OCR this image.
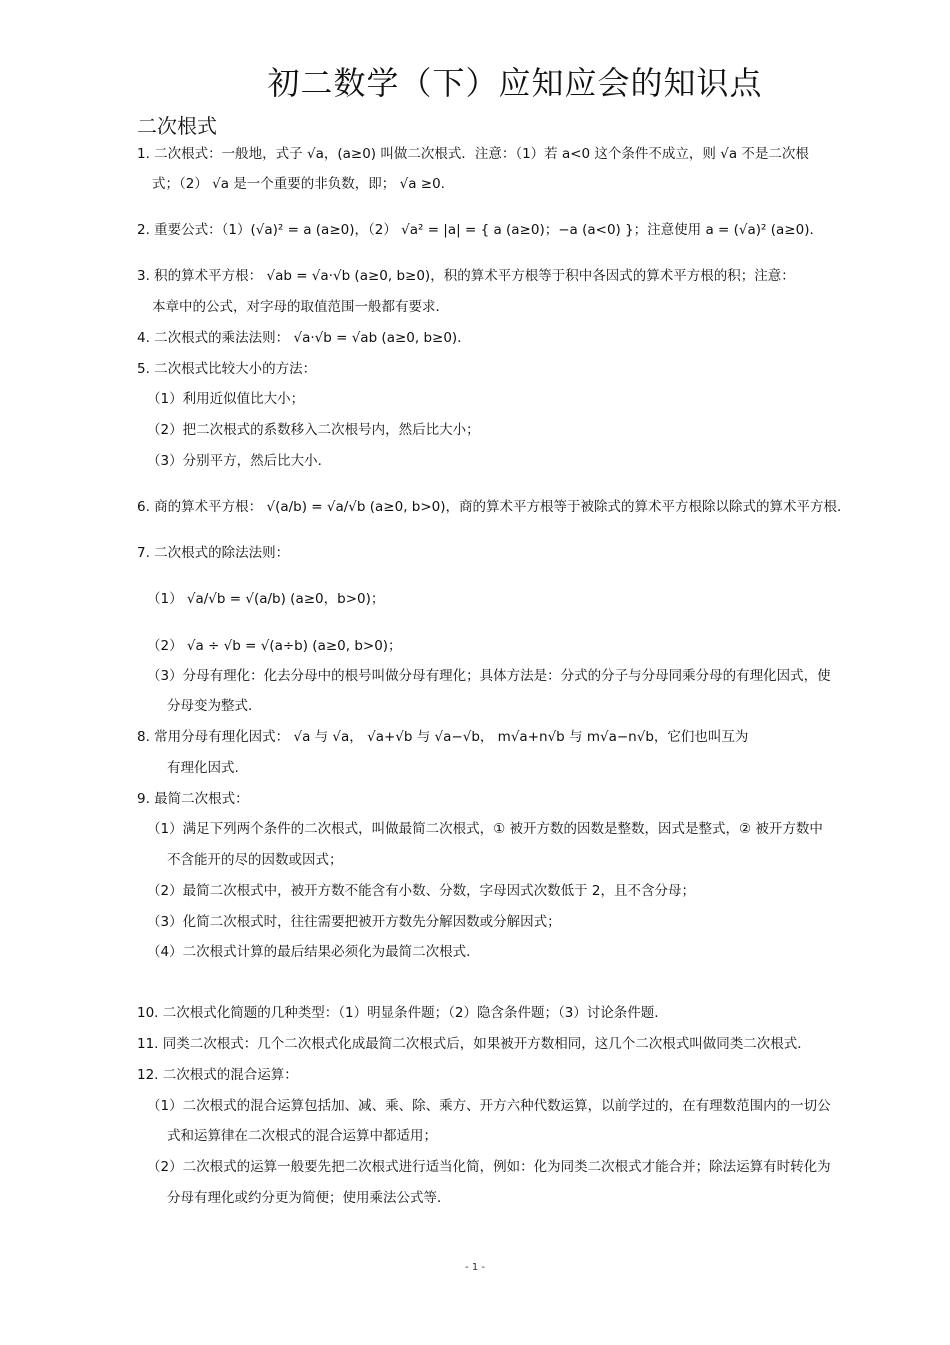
初二数学（下）应知应会的知识点
二次根式
1. 二次根式：一般地，式子 √a，(a≥0) 叫做二次根式．注意：（1）若 a<0 这个条件不成立，则 √a 不是二次根
式；（2） √a 是一个重要的非负数，即； √a ≥0.
2. 重要公式：（1）(√a)² = a (a≥0)，（2） √a² = |a| = { a (a≥0)；−a (a<0) }；注意使用 a = (√a)² (a≥0)．
3. 积的算术平方根： √ab = √a·√b (a≥0, b≥0)，积的算术平方根等于积中各因式的算术平方根的积；注意：
本章中的公式，对字母的取值范围一般都有要求．
4. 二次根式的乘法法则： √a·√b = √ab (a≥0, b≥0)．
5. 二次根式比较大小的方法：
（1）利用近似值比大小；
（2）把二次根式的系数移入二次根号内，然后比大小；
（3）分别平方，然后比大小．
6. 商的算术平方根： √(a/b) = √a/√b (a≥0, b>0)，商的算术平方根等于被除式的算术平方根除以除式的算术平方根．
7. 二次根式的除法法则：
（1） √a/√b = √(a/b) (a≥0，b>0)；
（2） √a ÷ √b = √(a÷b) (a≥0, b>0)；
（3）分母有理化：化去分母中的根号叫做分母有理化；具体方法是：分式的分子与分母同乘分母的有理化因式，使
分母变为整式.
8. 常用分母有理化因式： √a 与 √a， √a+√b 与 √a−√b， m√a+n√b 与 m√a−n√b，它们也叫互为
有理化因式.
9. 最简二次根式：
（1）满足下列两个条件的二次根式，叫做最简二次根式，① 被开方数的因数是整数，因式是整式，② 被开方数中
不含能开的尽的因数或因式；
（2）最简二次根式中，被开方数不能含有小数、分数，字母因式次数低于 2，且不含分母；
（3）化简二次根式时，往往需要把被开方数先分解因数或分解因式；
（4）二次根式计算的最后结果必须化为最简二次根式．
10. 二次根式化简题的几种类型：（1）明显条件题；（2）隐含条件题；（3）讨论条件题.
11. 同类二次根式：几个二次根式化成最简二次根式后，如果被开方数相同，这几个二次根式叫做同类二次根式．
12. 二次根式的混合运算：
（1）二次根式的混合运算包括加、减、乘、除、乘方、开方六种代数运算，以前学过的，在有理数范围内的一切公
式和运算律在二次根式的混合运算中都适用；
（2）二次根式的运算一般要先把二次根式进行适当化简，例如：化为同类二次根式才能合并；除法运算有时转化为
分母有理化或约分更为简便；使用乘法公式等．
- 1 -
